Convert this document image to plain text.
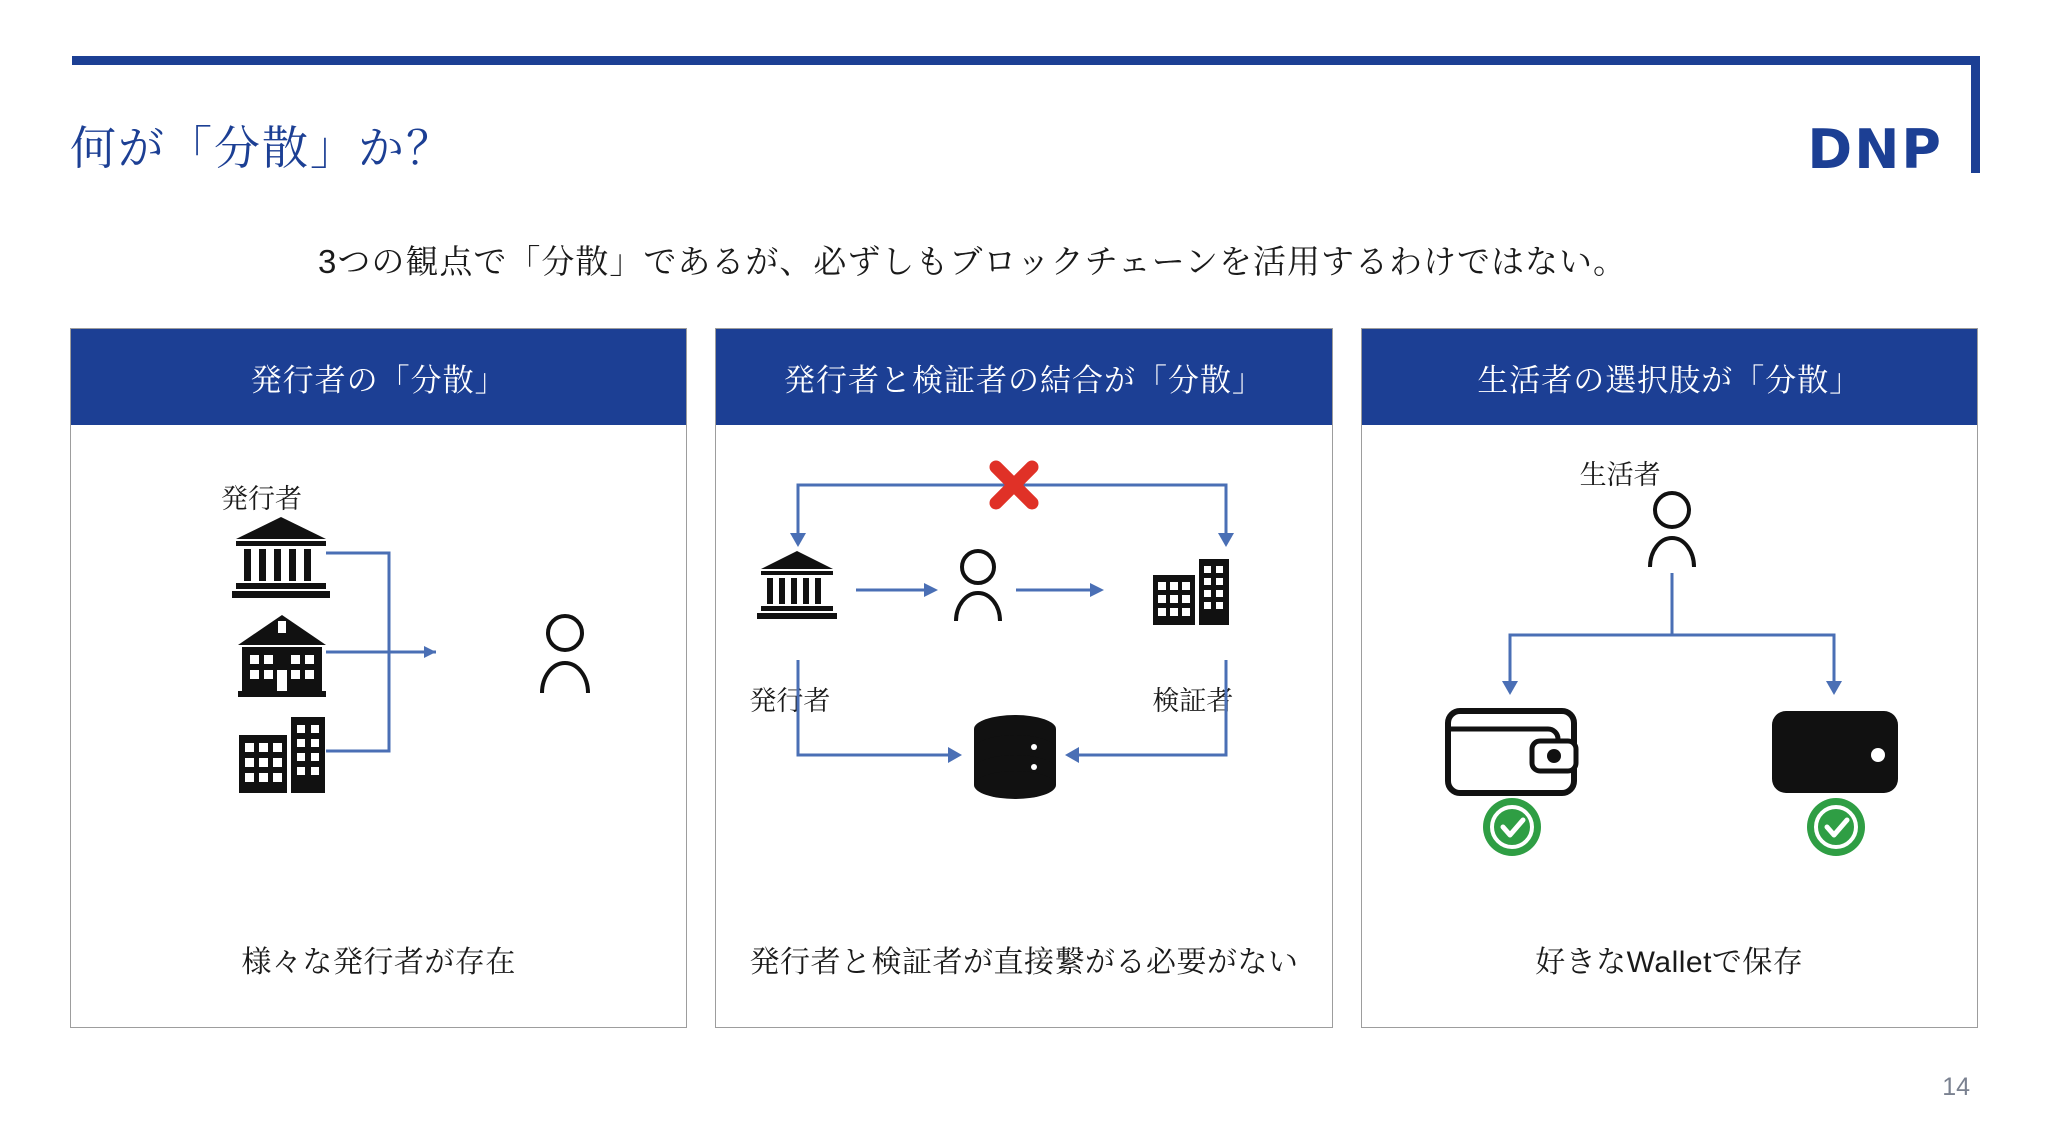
何が「分散」か？	DNP
3つの観点で「分散」であるが、必ずしもブロックチェーンを活用するわけではない。
発行者の「分散」
発行者
様々な発行者が存在
発行者と検証者の結合が「分散」
発行者	検証者
発行者と検証者が直接繋がる必要がない
生活者の選択肢が「分散」
生活者
好きなWalletで保存
14
